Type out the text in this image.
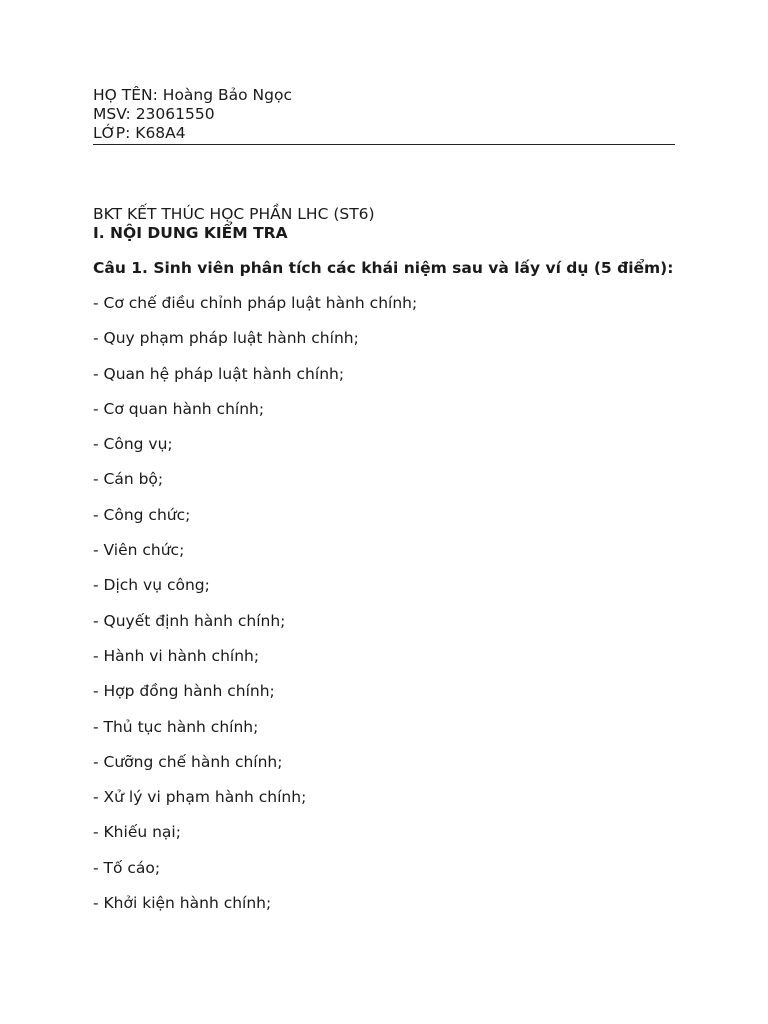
HỌ TÊN: Hoàng Bảo Ngọc
MSV: 23061550
LỚP: K68A4
BKT KẾT THÚC HỌC PHẦN LHC (ST6)
I. NỘI DUNG KIỂM TRA
Câu 1. Sinh viên phân tích các khái niệm sau và lấy ví dụ (5 điểm):
- Cơ chế điều chỉnh pháp luật hành chính;
- Quy phạm pháp luật hành chính;
- Quan hệ pháp luật hành chính;
- Cơ quan hành chính;
- Công vụ;
- Cán bộ;
- Công chức;
- Viên chức;
- Dịch vụ công;
- Quyết định hành chính;
- Hành vi hành chính;
- Hợp đồng hành chính;
- Thủ tục hành chính;
- Cưỡng chế hành chính;
- Xử lý vi phạm hành chính;
- Khiếu nại;
- Tố cáo;
- Khởi kiện hành chính;
